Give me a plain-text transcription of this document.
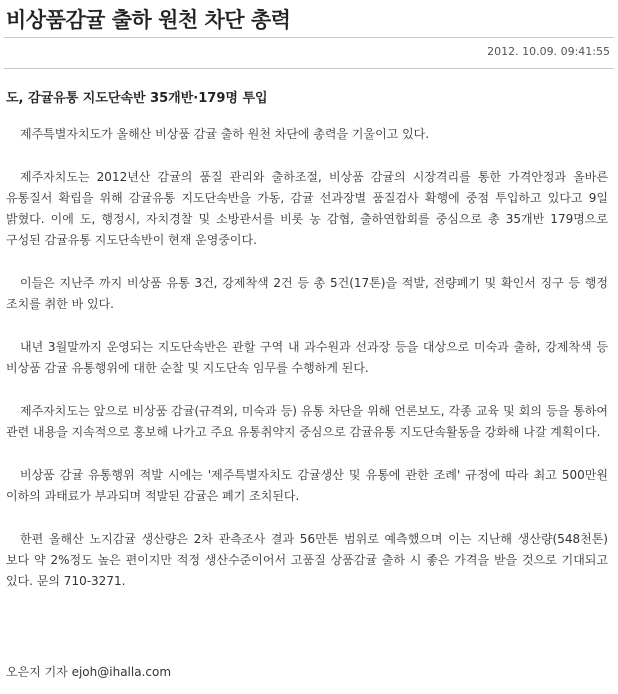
비상품감귤 출하 원천 차단 총력
2012. 10.09. 09:41:55
도, 감귤유통 지도단속반 35개반·179명 투입

제주특별자치도가 올해산 비상품 감귤 출하 원천 차단에 총력을 기울이고 있다.

제주자치도는 2012년산 감귤의 품질 관리와 출하조절, 비상품 감귤의 시장격리를 통한 가격안정과 올바른 유통질서 확립을 위해 감귤유통 지도단속반을 가동, 감귤 선과장별 품질검사 확행에 중점 투입하고 있다고 9일 밝혔다. 이에 도, 행정시, 자치경찰 및 소방관서를 비롯 농 감협, 출하연합회를 중심으로 총 35개반 179명으로 구성된 감귤유통 지도단속반이 현재 운영중이다.

이들은 지난주 까지 비상품 유통 3건, 강제착색 2건 등 총 5건(17톤)을 적발, 전량폐기 및 확인서 징구 등 행정 조치를 취한 바 있다.

내년 3월말까지 운영되는 지도단속반은 관할 구역 내 과수원과 선과장 등을 대상으로 미숙과 출하, 강제착색 등 비상품 감귤 유통행위에 대한 순찰 및 지도단속 임무를 수행하게 된다.

제주자치도는 앞으로 비상품 감귤(규격외, 미숙과 등) 유통 차단을 위해 언론보도, 각종 교육 및 회의 등을 통하여 관련 내용을 지속적으로 홍보해 나가고 주요 유통취약지 중심으로 감귤유통 지도단속활동을 강화해 나갈 계획이다.

비상품 감귤 유통행위 적발 시에는 '제주특별자치도 감귤생산 및 유통에 관한 조례' 규정에 따라 최고 500만원 이하의 과태료가 부과되며 적발된 감귤은 폐기 조치된다.

한편 올해산 노지감귤 생산량은 2차 관측조사 결과 56만톤 범위로 예측했으며 이는 지난해 생산량(548천톤) 보다 약 2%정도 높은 편이지만 적정 생산수준이어서 고품질 상품감귤 출하 시 좋은 가격을 받을 것으로 기대되고 있다. 문의 710-3271.

오은지 기자 ejoh@ihalla.com
